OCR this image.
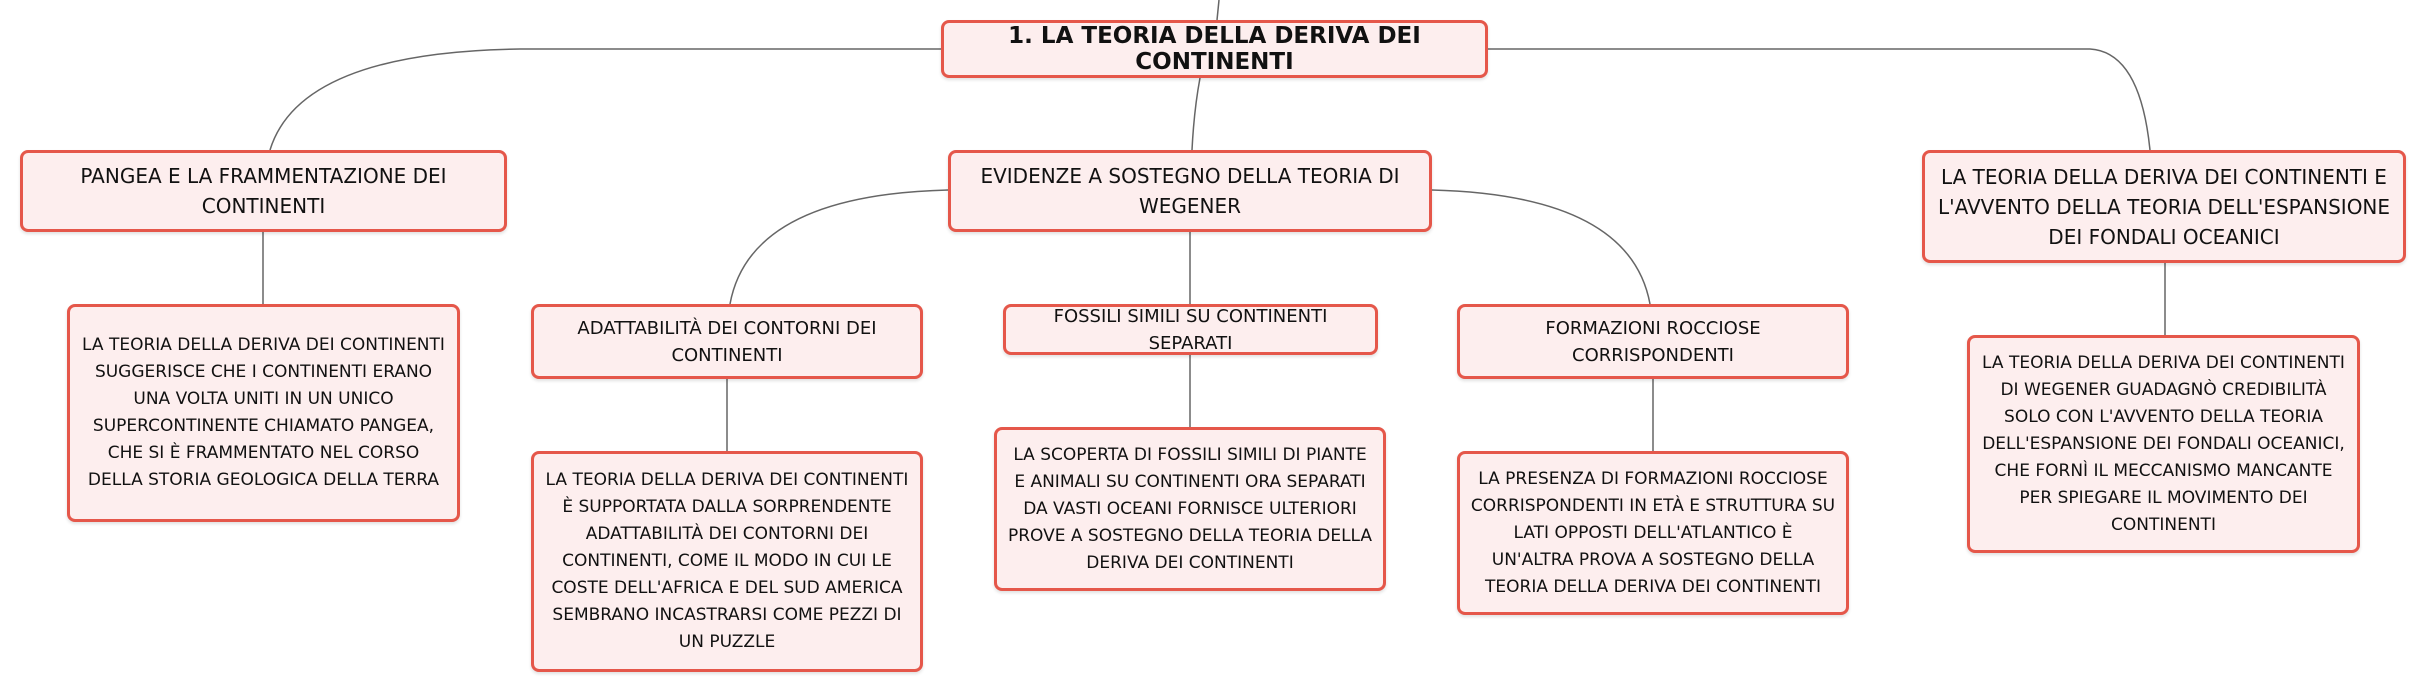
1. LA TEORIA DELLA DERIVA DEI CONTINENTI
PANGEA E LA FRAMMENTAZIONE DEI CONTINENTI
LA TEORIA DELLA DERIVA DEI CONTINENTI SUGGERISCE CHE I CONTINENTI ERANO UNA VOLTA UNITI IN UN UNICO SUPERCONTINENTE CHIAMATO PANGEA, CHE SI È FRAMMENTATO NEL CORSO DELLA STORIA GEOLOGICA DELLA TERRA
EVIDENZE A SOSTEGNO DELLA TEORIA DI WEGENER
ADATTABILITÀ DEI CONTORNI DEI CONTINENTI
LA TEORIA DELLA DERIVA DEI CONTINENTI È SUPPORTATA DALLA SORPRENDENTE ADATTABILITÀ DEI CONTORNI DEI CONTINENTI, COME IL MODO IN CUI LE COSTE DELL'AFRICA E DEL SUD AMERICA SEMBRANO INCASTRARSI COME PEZZI DI UN PUZZLE
FOSSILI SIMILI SU CONTINENTI SEPARATI
LA SCOPERTA DI FOSSILI SIMILI DI PIANTE E ANIMALI SU CONTINENTI ORA SEPARATI DA VASTI OCEANI FORNISCE ULTERIORI PROVE A SOSTEGNO DELLA TEORIA DELLA DERIVA DEI CONTINENTI
FORMAZIONI ROCCIOSE CORRISPONDENTI
LA PRESENZA DI FORMAZIONI ROCCIOSE CORRISPONDENTI IN ETÀ E STRUTTURA SU LATI OPPOSTI DELL'ATLANTICO È UN'ALTRA PROVA A SOSTEGNO DELLA TEORIA DELLA DERIVA DEI CONTINENTI
LA TEORIA DELLA DERIVA DEI CONTINENTI E L'AVVENTO DELLA TEORIA DELL'ESPANSIONE DEI FONDALI OCEANICI
LA TEORIA DELLA DERIVA DEI CONTINENTI DI WEGENER GUADAGNÒ CREDIBILITÀ SOLO CON L'AVVENTO DELLA TEORIA DELL'ESPANSIONE DEI FONDALI OCEANICI, CHE FORNÌ IL MECCANISMO MANCANTE PER SPIEGARE IL MOVIMENTO DEI CONTINENTI
